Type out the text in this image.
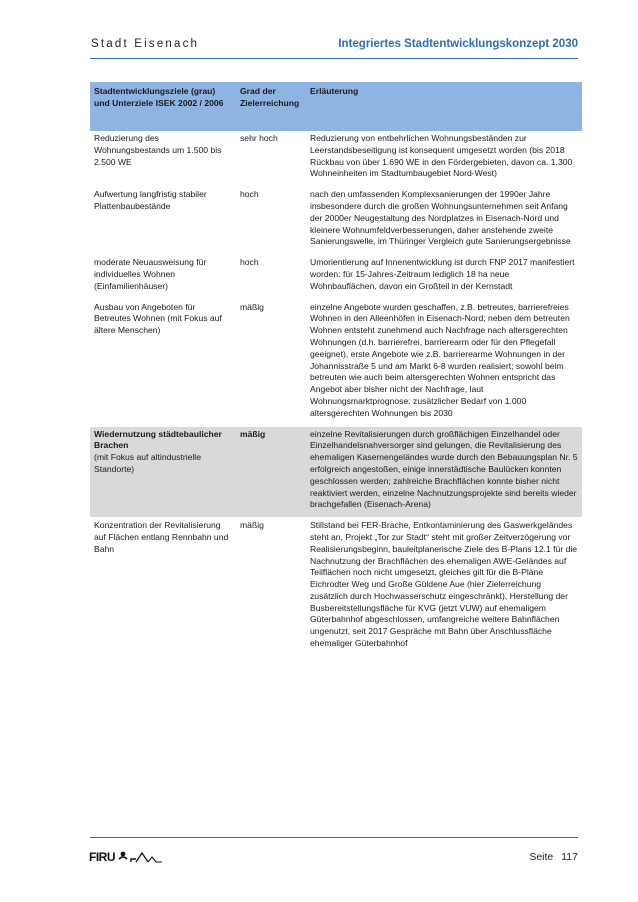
Stadt Eisenach	Integriertes Stadtentwicklungskonzept 2030
Stadtentwicklungsziele (grau) und Unterziele ISEK 2002 / 2006	Grad der Zielerreichung	Erläuterung
Reduzierung des Wohnungsbestands um 1.500 bis 2.500 WE	sehr hoch	Reduzierung von entbehrlichen Wohnungsbeständen zur Leerstandsbeseitigung ist konsequent umgesetzt worden (bis 2018 Rückbau von über 1.690 WE in den Fördergebieten, davon ca. 1.300 Wohneinheiten im Stadtumbaugebiet Nord-West)
Aufwertung langfristig stabiler Plattenbaubestände	hoch	nach den umfassenden Komplexsanierungen der 1990er Jahre insbesondere durch die großen Wohnungsunternehmen seit Anfang der 2000er Neugestaltung des Nordplatzes in Eisenach-Nord und kleinere Wohnumfeldverbesserungen, daher anstehende zweite Sanierungswelle, im Thüringer Vergleich gute Sanierungsergebnisse
moderate Neuausweisung für individuelles Wohnen (Einfamilienhäuser)	hoch	Umorientierung auf Innenentwicklung ist durch FNP 2017 manifestiert worden: für 15-Jahres-Zeitraum lediglich 18 ha neue Wohnbauflächen, davon ein Großteil in der Kernstadt
Ausbau von Angeboten für Betreutes Wohnen (mit Fokus auf ältere Menschen)	mäßig	einzelne Angebote wurden geschaffen, z.B. betreutes, barrierefreies Wohnen in den Alleenhöfen in Eisenach-Nord; neben dem betreuten Wohnen entsteht zunehmend auch Nachfrage nach altersgerechten Wohnungen (d.h. barrierefrei, barrierearm oder für den Pflegefall geeignet), erste Angebote wie z.B. barrierearme Wohnungen in der Johannisstraße 5 und am Markt 6-8 wurden realisiert; sowohl beim betreuten wie auch beim altersgerechten Wohnen entspricht das Angebot aber bisher nicht der Nachfrage, laut Wohnungsmarktprognose: zusätzlicher Bedarf von 1.000 altersgerechten Wohnungen bis 2030

Wiedernutzung städtebaulicher Brachen
(mit Fokus auf altindustrielle Standorte)	mäßig	einzelne Revitalisierungen durch großflächigen Einzelhandel oder Einzelhandelsnahversorger sind gelungen, die Revitalisierung des ehemaligen Kasernengeländes wurde durch den Bebauungsplan Nr. 5 erfolgreich angestoßen, einige innerstädtische Baulücken konnten geschlossen werden; zahlreiche Brachflächen konnte bisher nicht reaktiviert werden, einzelne Nachnutzungsprojekte sind bereits wieder brachgefallen (Eisenach-Arena)
Konzentration der Revitalisierung auf Flächen entlang Rennbahn und Bahn	mäßig	Stillstand bei FER-Brache, Entkontaminierung des Gaswerkgeländes steht an, Projekt „Tor zur Stadt“ steht mit großer Zeitverzögerung vor Realisierungsbeginn, bauleitplanerische Ziele des B-Plans 12.1 für die Nachnutzung der Brachflächen des ehemaligen AWE-Geländes auf Teilflächen noch nicht umgesetzt, gleiches gilt für die B-Pläne Eichrodter Weg und Große Güldene Aue (hier Zielerreichung zusätzlich durch Hochwasserschutz eingeschränkt), Herstellung der Busbereitstellungsfläche für KVG (jetzt VUW) auf ehemaligem Güterbahnhof abgeschlossen, umfangreiche weitere Bahnflächen ungenutzt, seit 2017 Gespräche mit Bahn über Anschlussfläche ehemaliger Güterbahnhof
FIRU	Seite 117
